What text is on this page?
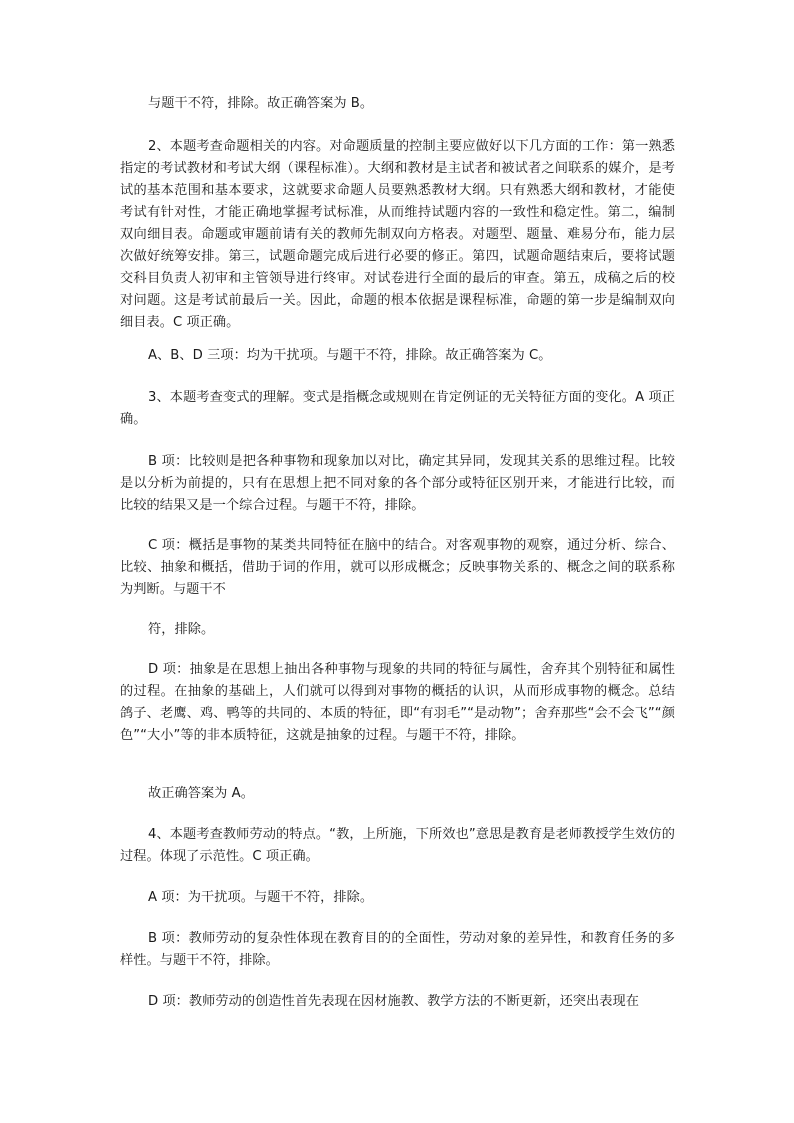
与题干不符，排除。故正确答案为 B。

2、本题考查命题相关的内容。对命题质量的控制主要应做好以下几方面的工作：第一熟悉指定的考试教材和考试大纲（课程标准）。大纲和教材是主试者和被试者之间联系的媒介，是考试的基本范围和基本要求，这就要求命题人员要熟悉教材大纲。只有熟悉大纲和教材，才能使考试有针对性，才能正确地掌握考试标准，从而维持试题内容的一致性和稳定性。第二，编制双向细目表。命题或审题前请有关的教师先制双向方格表。对题型、题量、难易分布，能力层次做好统筹安排。第三，试题命题完成后进行必要的修正。第四，试题命题结束后，要将试题交科目负责人初审和主管领导进行终审。对试卷进行全面的最后的审查。第五，成稿之后的校对问题。这是考试前最后一关。因此，命题的根本依据是课程标准，命题的第一步是编制双向细目表。C 项正确。

A、B、D 三项：均为干扰项。与题干不符，排除。故正确答案为 C。

3、本题考查变式的理解。变式是指概念或规则在肯定例证的无关特征方面的变化。A 项正确。

B 项：比较则是把各种事物和现象加以对比，确定其异同，发现其关系的思维过程。比较是以分析为前提的，只有在思想上把不同对象的各个部分或特征区别开来，才能进行比较，而比较的结果又是一个综合过程。与题干不符，排除。

C 项：概括是事物的某类共同特征在脑中的结合。对客观事物的观察，通过分析、综合、比较、抽象和概括，借助于词的作用，就可以形成概念；反映事物关系的、概念之间的联系称为判断。与题干不

符，排除。

D 项：抽象是在思想上抽出各种事物与现象的共同的特征与属性，舍弃其个别特征和属性的过程。在抽象的基础上，人们就可以得到对事物的概括的认识，从而形成事物的概念。总结鸽子、老鹰、鸡、鸭等的共同的、本质的特征，即“有羽毛”“是动物”；舍弃那些“会不会飞”“颜色”“大小”等的非本质特征，这就是抽象的过程。与题干不符，排除。

故正确答案为 A。

4、本题考查教师劳动的特点。“教，上所施，下所效也”意思是教育是老师教授学生效仿的过程。体现了示范性。C 项正确。

A 项：为干扰项。与题干不符，排除。

B 项：教师劳动的复杂性体现在教育目的的全面性，劳动对象的差异性，和教育任务的多样性。与题干不符，排除。

D 项：教师劳动的创造性首先表现在因材施教、教学方法的不断更新，还突出表现在
